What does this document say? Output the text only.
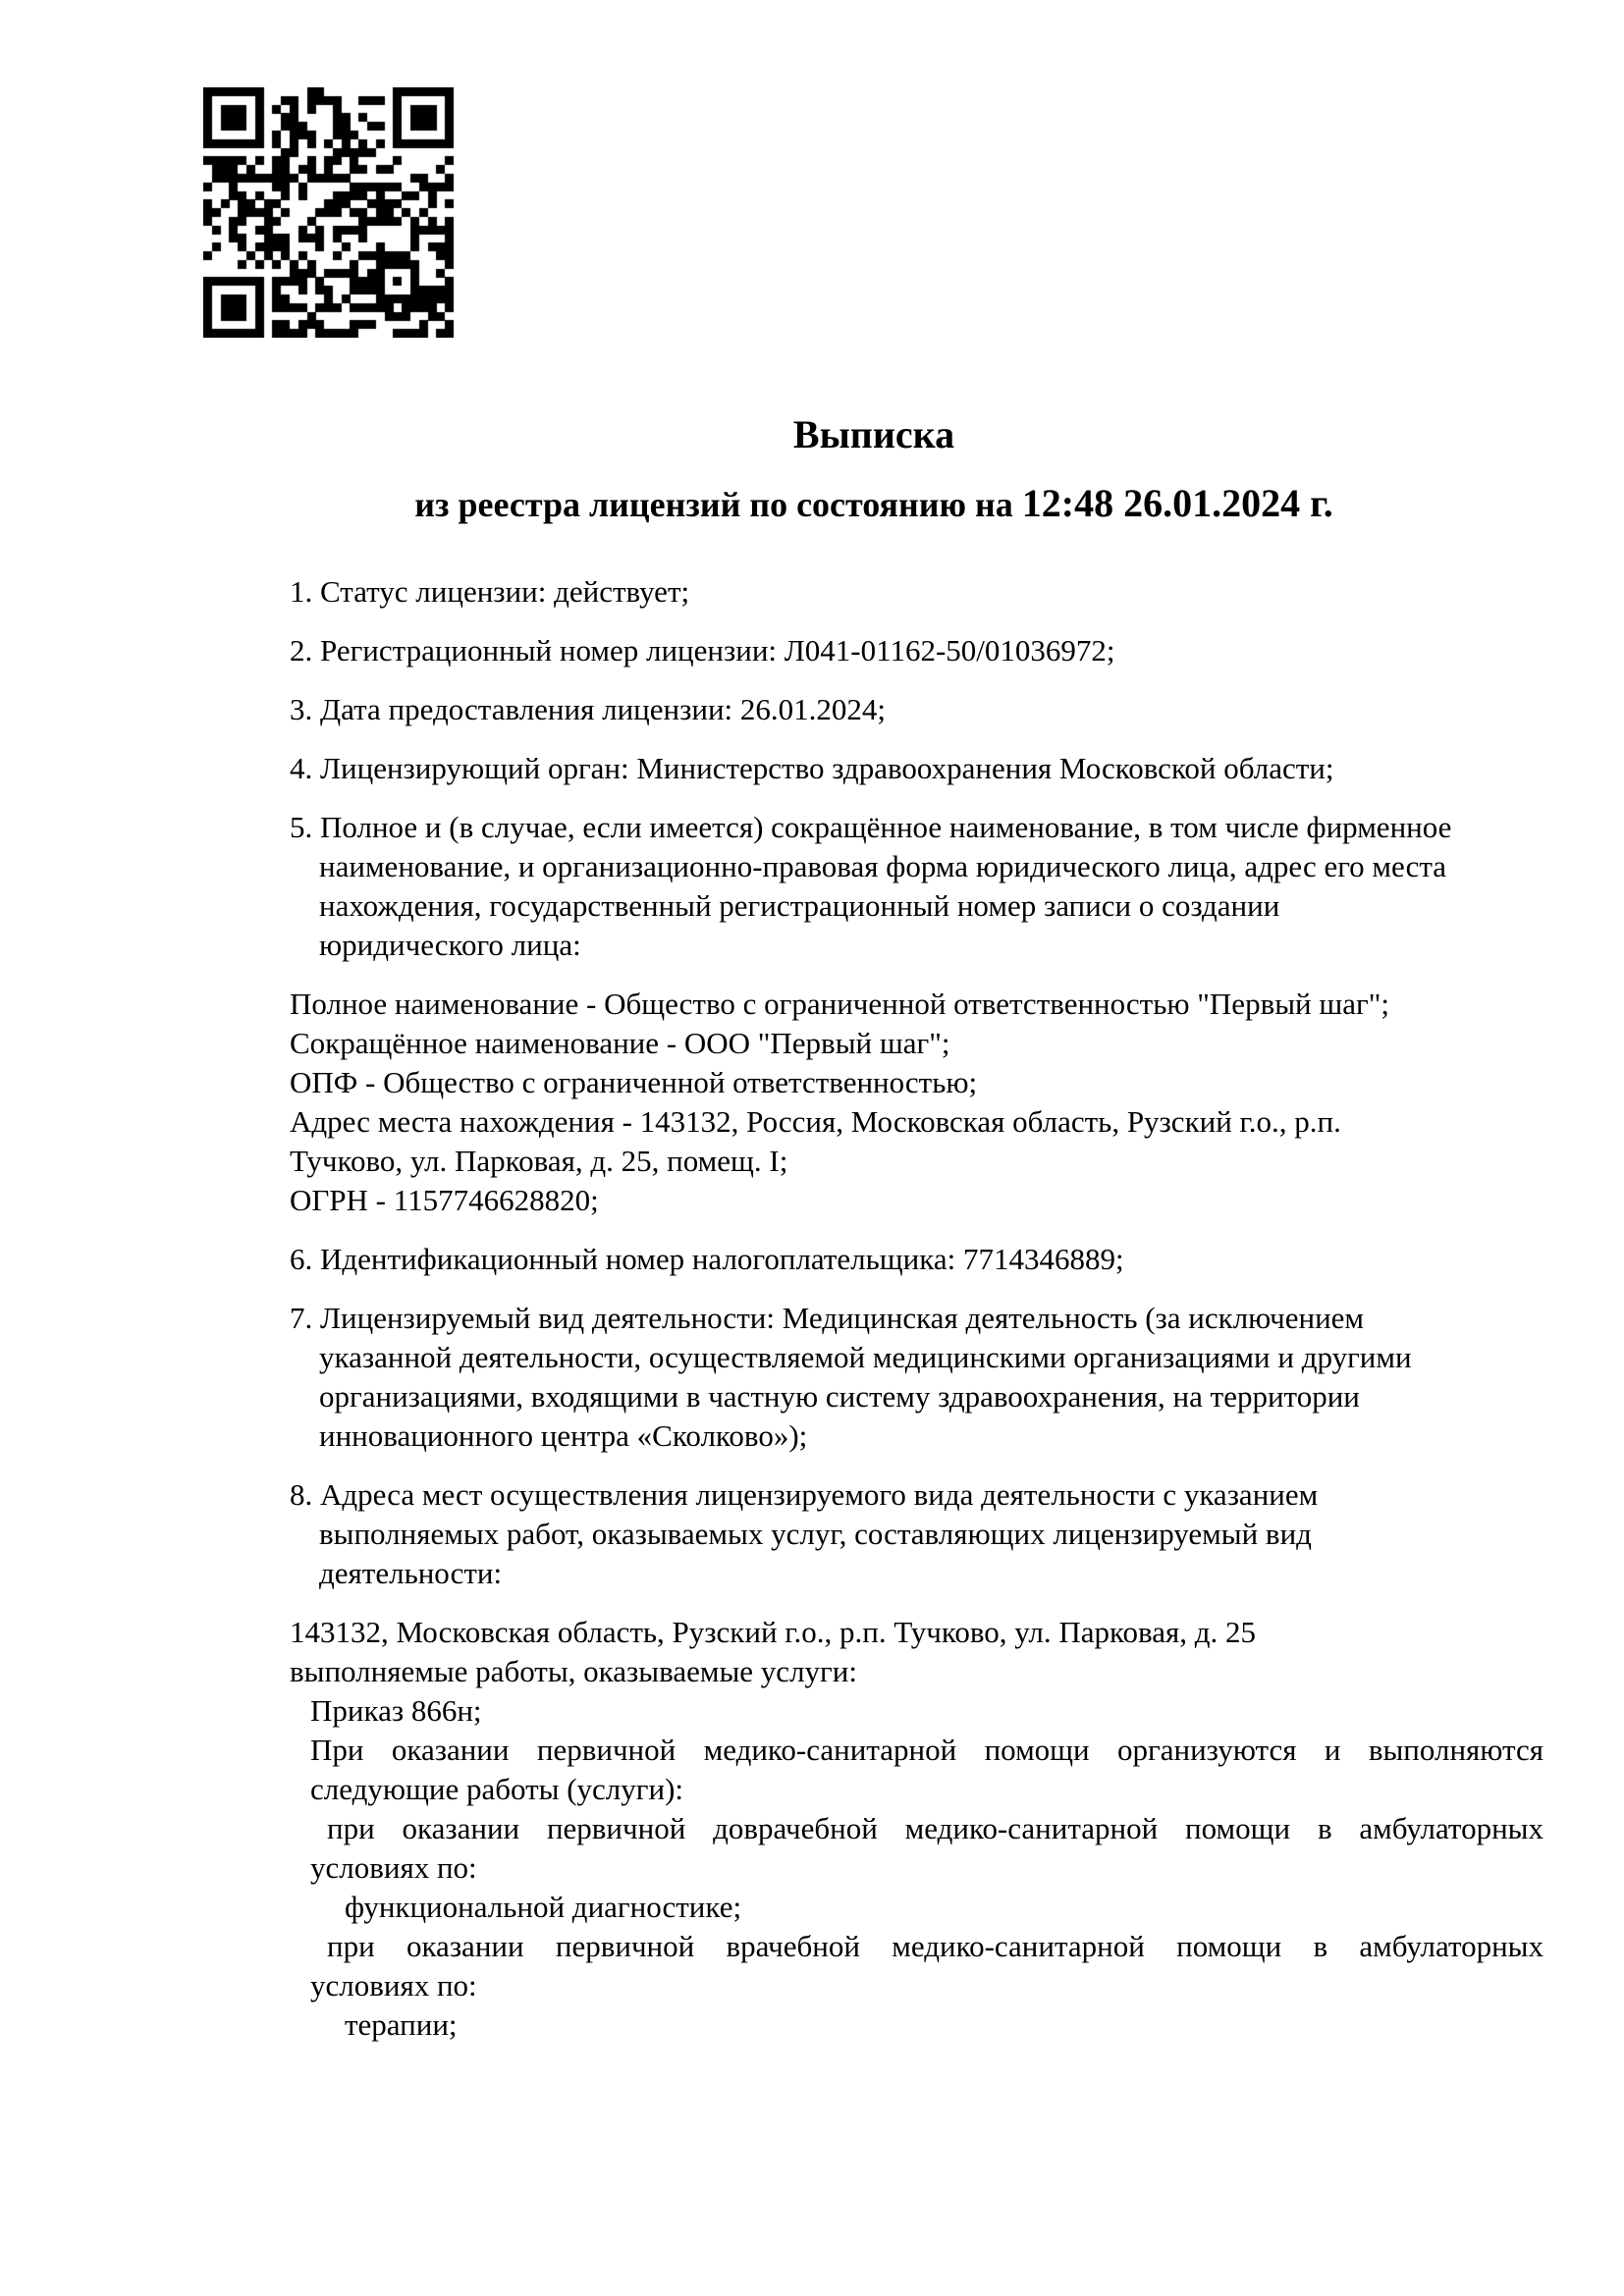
Выписка
из реестра лицензий по состоянию на 12:48 26.01.2024 г.
1. Статус лицензии: действует;
2. Регистрационный номер лицензии: Л041-01162-50/01036972;
3. Дата предоставления лицензии: 26.01.2024;
4. Лицензирующий орган: Министерство здравоохранения Московской области;
5. Полное и (в случае, если имеется) сокращённое наименование, в том числе фирменное
наименование, и организационно-правовая форма юридического лица, адрес его места
нахождения, государственный регистрационный номер записи о создании
юридического лица:
Полное наименование - Общество с ограниченной ответственностью "Первый шаг";
Сокращённое наименование - ООО "Первый шаг";
ОПФ - Общество с ограниченной ответственностью;
Адрес места нахождения - 143132, Россия, Московская область, Рузский г.о., р.п.
Тучково, ул. Парковая, д. 25, помещ. I;
ОГРН - 1157746628820;
6. Идентификационный номер налогоплательщика: 7714346889;
7. Лицензируемый вид деятельности: Медицинская деятельность (за исключением
указанной деятельности, осуществляемой медицинскими организациями и другими
организациями, входящими в частную систему здравоохранения, на территории
инновационного центра «Сколково»);
8. Адреса мест осуществления лицензируемого вида деятельности с указанием
выполняемых работ, оказываемых услуг, составляющих лицензируемый вид
деятельности:
143132, Московская область, Рузский г.о., р.п. Тучково, ул. Парковая, д. 25
выполняемые работы, оказываемые услуги:
Приказ 866н;
При оказании первичной медико-санитарной помощи организуются и выполняются
следующие работы (услуги):
при оказании первичной доврачебной медико-санитарной помощи в амбулаторных
условиях по:
функциональной диагностике;
при оказании первичной врачебной медико-санитарной помощи в амбулаторных
условиях по:
терапии;
